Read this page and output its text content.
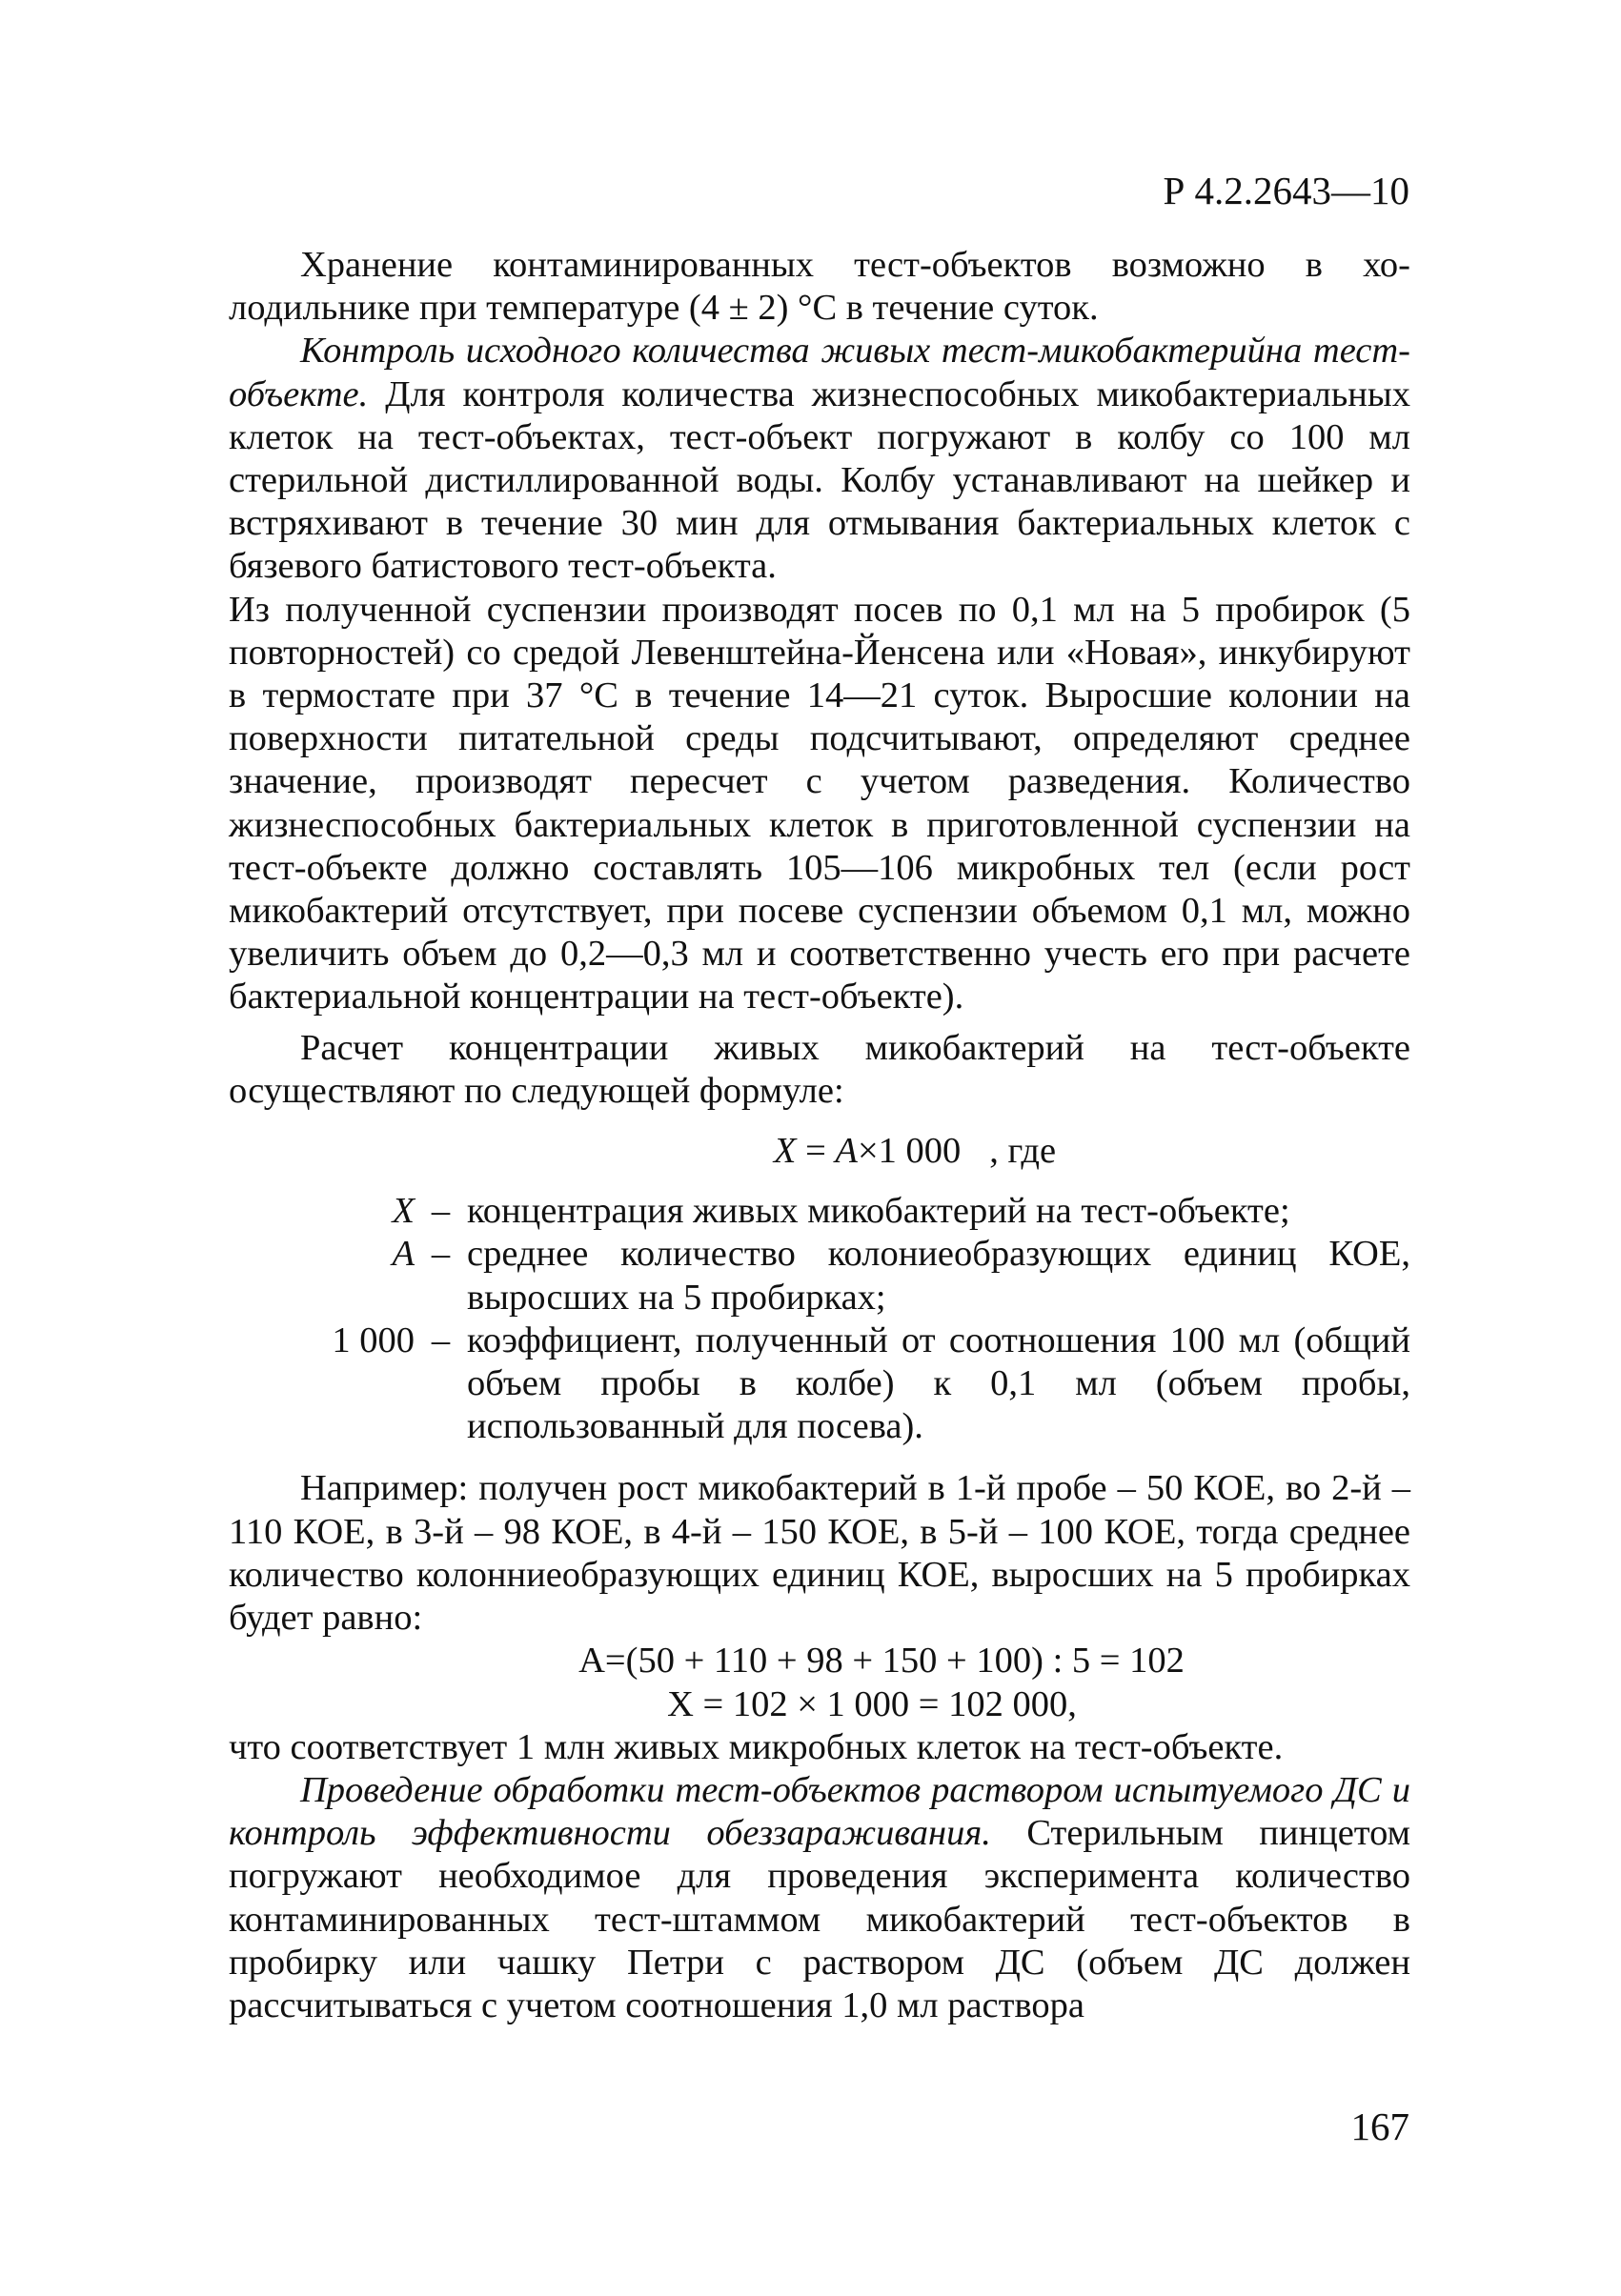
Р 4.2.2643—10

Хранение контаминированных тест-объектов возможно в холодильнике при температуре (4 ± 2) °С в течение суток.

Контроль исходного количества живых тест-микобактерийна тест-объекте. Для контроля количества жизнеспособных микобактериальных клеток на тест-объектах, тест-объект погружают в колбу со 100 мл стерильной дистиллированной воды. Колбу устанавливают на шейкер и встряхивают в течение 30 мин для отмывания бактериальных клеток с бязевого батистового тест-объекта.

Из полученной суспензии производят посев по 0,1 мл на 5 пробирок (5 повторностей) со средой Левенштейна-Йенсена или «Новая», инкубируют в термостате при 37 °С в течение 14—21 суток. Выросшие колонии на поверхности питательной среды подсчитывают, определяют среднее значение, производят пересчет с учетом разведения. Количество жизнеспособных бактериальных клеток в приготовленной суспензии на тест-объекте должно составлять 105—106 микробных тел (если рост микобактерий отсутствует, при посеве суспензии объемом 0,1 мл, можно увеличить объем до 0,2—0,3 мл и соответственно учесть его при расчете бактериальной концентрации на тест-объекте).

Расчет концентрации живых микобактерий на тест-объекте осуществляют по следующей формуле:

X = A×1 000 , где
X	–	концентрация живых микобактерий на тест-объекте;
A	–	среднее количество колониеобразующих единиц КОЕ, выросших на 5 пробирках;
1 000	–	коэффициент, полученный от соотношения 100 мл (общий объем пробы в колбе) к 0,1 мл (объем пробы, использованный для посева).

Например: получен рост микобактерий в 1-й пробе – 50 КОЕ, во 2-й – 110 КОЕ, в 3-й – 98 КОЕ, в 4-й – 150 КОЕ, в 5-й – 100 КОЕ, тогда среднее количество колонниеобразующих единиц КОЕ, выросших на 5 пробирках будет равно:

А=(50 + 110 + 98 + 150 + 100) : 5 = 102
Х = 102 × 1 000 = 102 000,

что соответствует 1 млн живых микробных клеток на тест-объекте.

Проведение обработки тест-объектов раствором испытуемого ДС и контроль эффективности обеззараживания. Стерильным пинцетом погружают необходимое для проведения эксперимента количество контаминированных тест-штаммом микобактерий тест-объектов в пробирку или чашку Петри с раствором ДС (объем ДС должен рассчитываться с учетом соотношения 1,0 мл раствора

167
